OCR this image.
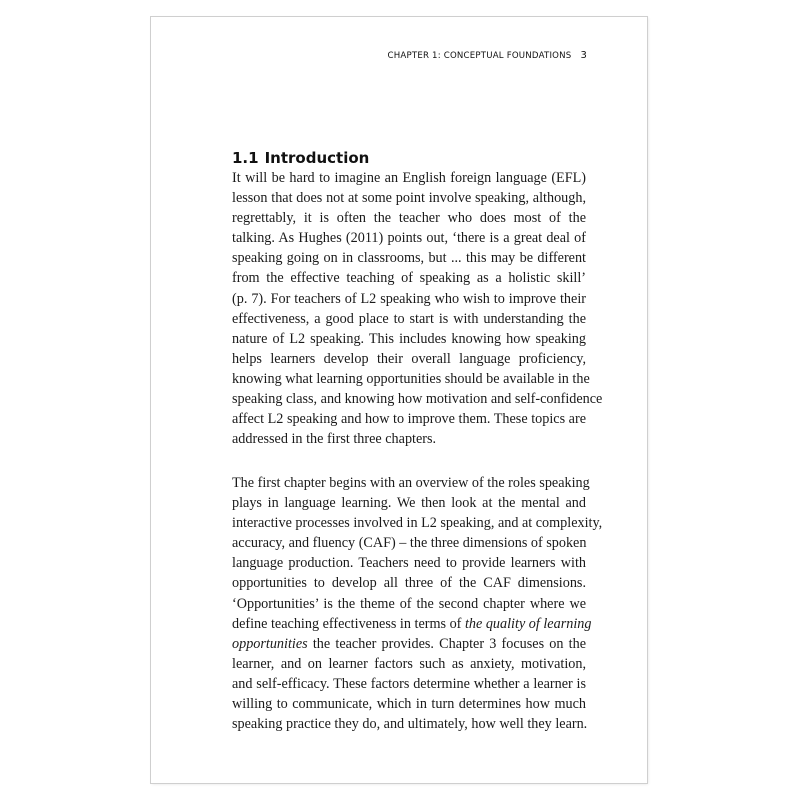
CHAPTER 1: CONCEPTUAL FOUNDATIONS 3
1.1 Introduction
It will be hard to imagine an English foreign language (EFL)
lesson that does not at some point involve speaking, although,
regrettably, it is often the teacher who does most of the
talking. As Hughes (2011) points out, ‘there is a great deal of
speaking going on in classrooms, but ... this may be different
from the effective teaching of speaking as a holistic skill’
(p. 7). For teachers of L2 speaking who wish to improve their
effectiveness, a good place to start is with understanding the
nature of L2 speaking. This includes knowing how speaking
helps learners develop their overall language proficiency,
knowing what learning opportunities should be available in the
speaking class, and knowing how motivation and self-confidence
affect L2 speaking and how to improve them. These topics are
addressed in the first three chapters.
The first chapter begins with an overview of the roles speaking
plays in language learning. We then look at the mental and
interactive processes involved in L2 speaking, and at complexity,
accuracy, and fluency (CAF) – the three dimensions of spoken
language production. Teachers need to provide learners with
opportunities to develop all three of the CAF dimensions.
‘Opportunities’ is the theme of the second chapter where we
define teaching effectiveness in terms of the quality of learning
opportunities the teacher provides. Chapter 3 focuses on the
learner, and on learner factors such as anxiety, motivation,
and self-efficacy. These factors determine whether a learner is
willing to communicate, which in turn determines how much
speaking practice they do, and ultimately, how well they learn.
